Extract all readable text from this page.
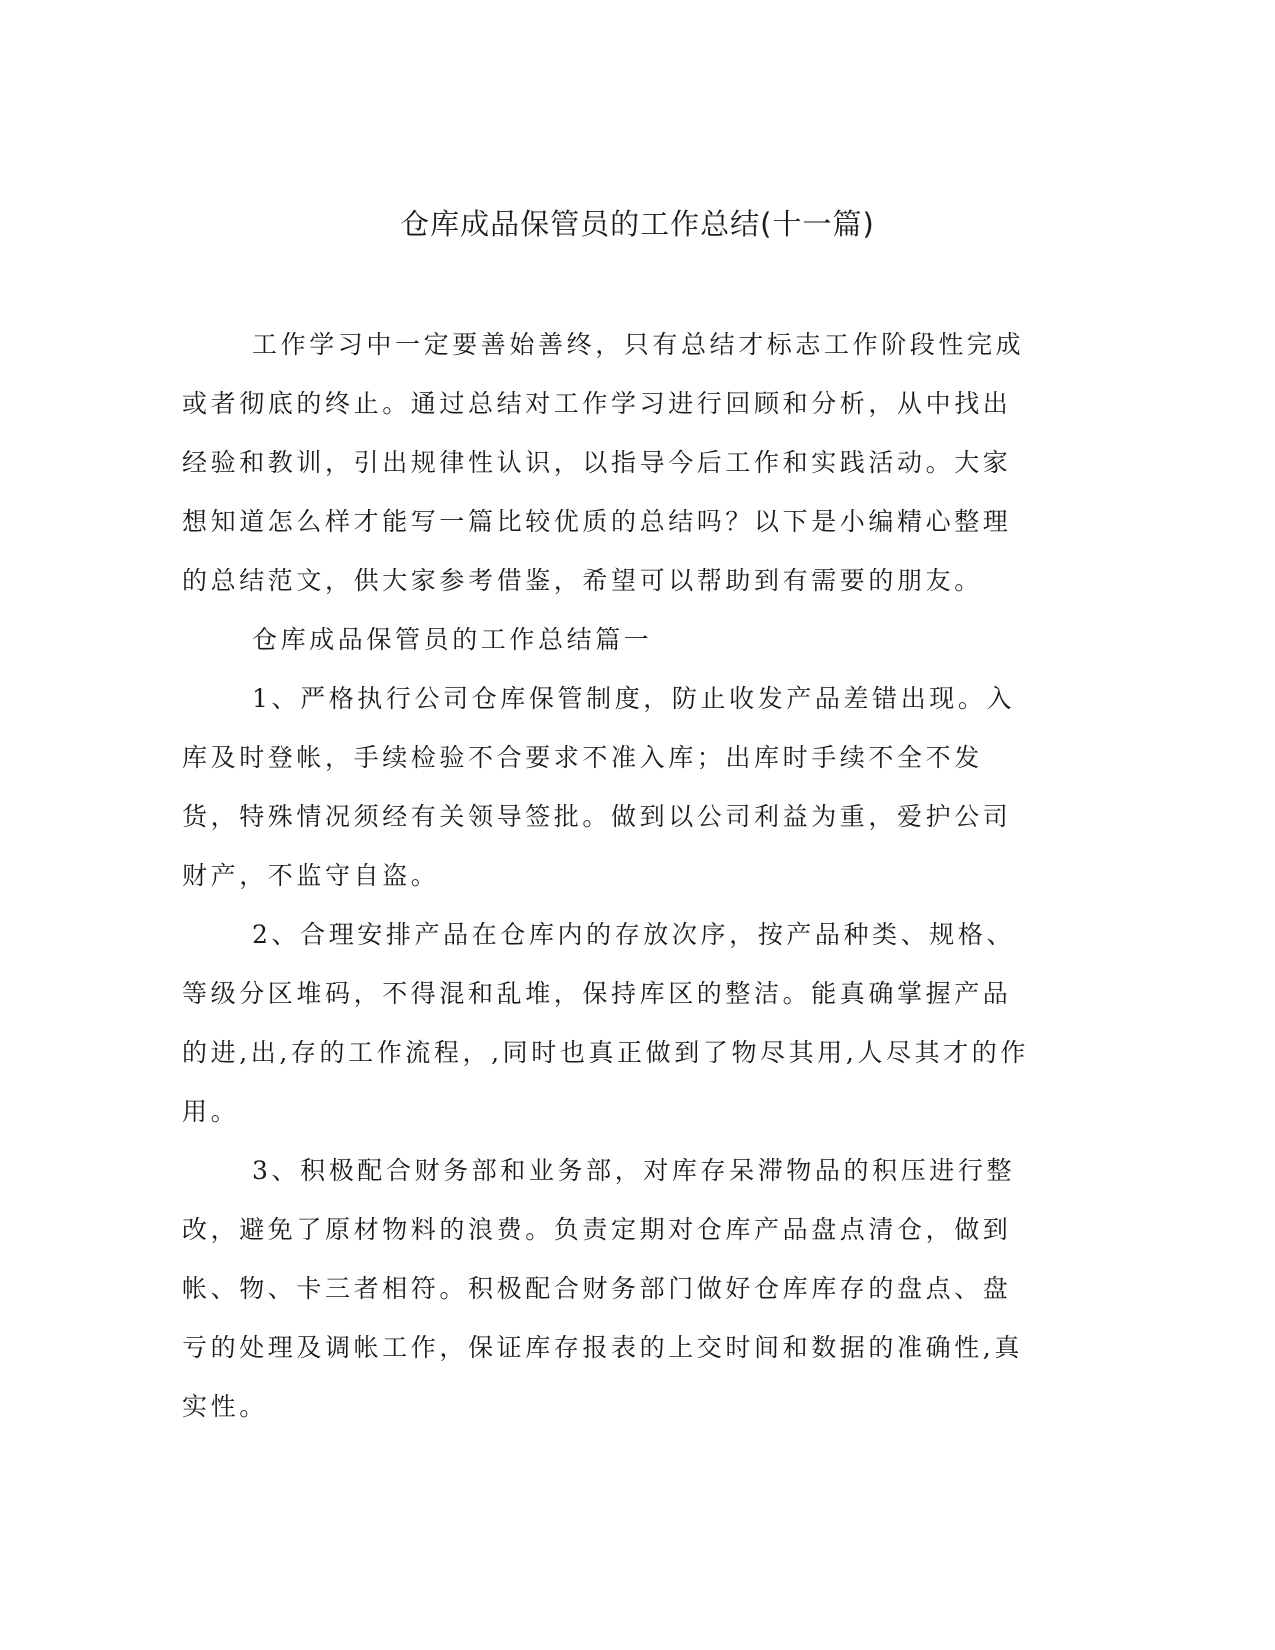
仓库成品保管员的工作总结(十一篇)

工作学习中一定要善始善终，只有总结才标志工作阶段性完成或者彻底的终止。通过总结对工作学习进行回顾和分析，从中找出经验和教训，引出规律性认识，以指导今后工作和实践活动。大家想知道怎么样才能写一篇比较优质的总结吗？以下是小编精心整理的总结范文，供大家参考借鉴，希望可以帮助到有需要的朋友。

仓库成品保管员的工作总结篇一

1、严格执行公司仓库保管制度，防止收发产品差错出现。入库及时登帐，手续检验不合要求不准入库；出库时手续不全不发货，特殊情况须经有关领导签批。做到以公司利益为重，爱护公司财产，不监守自盗。

2、合理安排产品在仓库内的存放次序，按产品种类、规格、等级分区堆码，不得混和乱堆，保持库区的整洁。能真确掌握产品的进,出,存的工作流程，,同时也真正做到了物尽其用,人尽其才的作用。

3、积极配合财务部和业务部，对库存呆滞物品的积压进行整改，避免了原材物料的浪费。负责定期对仓库产品盘点清仓，做到帐、物、卡三者相符。积极配合财务部门做好仓库库存的盘点、盘亏的处理及调帐工作，保证库存报表的上交时间和数据的准确性,真实性。
